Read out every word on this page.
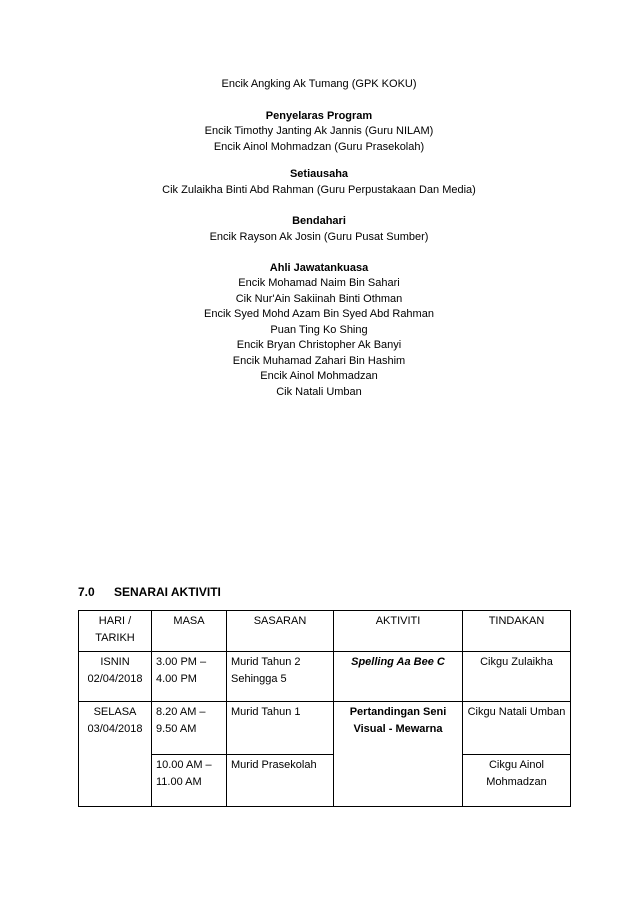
Encik Angking Ak Tumang (GPK KOKU)
Penyelaras Program
Encik Timothy Janting Ak Jannis (Guru NILAM)
Encik Ainol Mohmadzan (Guru Prasekolah)
Setiausaha
Cik Zulaikha Binti Abd Rahman (Guru Perpustakaan Dan Media)
Bendahari
Encik Rayson Ak Josin (Guru Pusat Sumber)
Ahli Jawatankuasa
Encik Mohamad Naim Bin Sahari
Cik Nur'Ain Sakiinah Binti Othman
Encik Syed Mohd Azam Bin Syed Abd Rahman
Puan Ting Ko Shing
Encik Bryan Christopher Ak Banyi
Encik Muhamad Zahari Bin Hashim
Encik Ainol Mohmadzan
Cik Natali Umban
7.0 SENARAI AKTIVITI
HARI / TARIKH	MASA	SASARAN	AKTIVITI	TINDAKAN

ISNIN
02/04/2018	3.00 PM – 4.00 PM	Murid Tahun 2 Sehingga 5	Spelling Aa Bee C	Cikgu Zulaikha

SELASA
03/04/2018	8.20 AM – 9.50 AM	Murid Tahun 1	Pertandingan Seni Visual - Mewarna	Cikgu Natali Umban
	10.00 AM – 11.00 AM	Murid Prasekolah		Cikgu Ainol Mohmadzan
